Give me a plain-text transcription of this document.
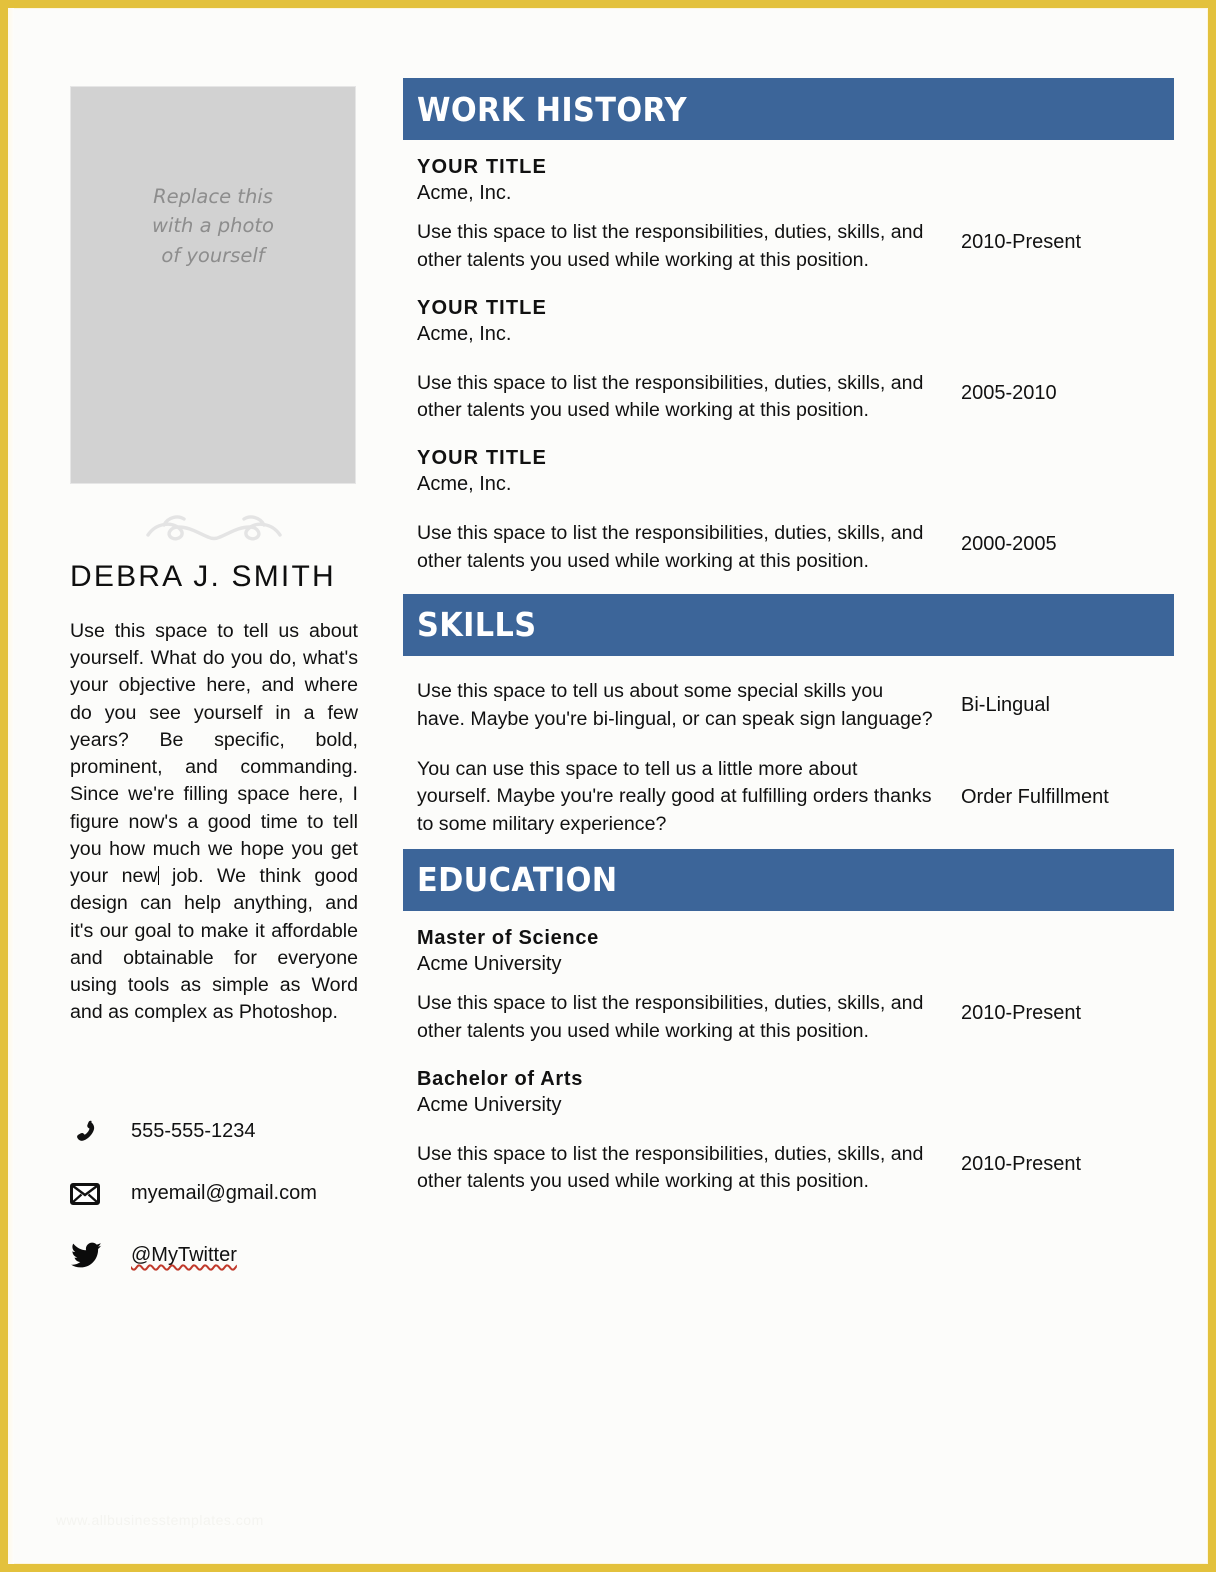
Replace this
with a photo
of yourself
DEBRA J. SMITH
Use this space to tell us about yourself. What do you do, what's your objective here, and where do you see yourself in a few years? Be specific, bold, prominent, and commanding. Since we're filling space here, I figure now's a good time to tell you how much we hope you get your new job. We think good design can help anything, and it's our goal to make it affordable and obtainable for everyone using tools as simple as Word and as complex as Photoshop.
555-555-1234
myemail@gmail.com
@MyTwitter
WORK HISTORY
YOUR TITLE
Acme, Inc.
Use this space to list the responsibilities, duties, skills, and other talents you used while working at this position.
2010-Present
YOUR TITLE
Acme, Inc.
Use this space to list the responsibilities, duties, skills, and other talents you used while working at this position.
2005-2010
YOUR TITLE
Acme, Inc.
Use this space to list the responsibilities, duties, skills, and other talents you used while working at this position.
2000-2005
SKILLS
Use this space to tell us about some special skills you have. Maybe you're bi-lingual, or can speak sign language?
Bi-Lingual
You can use this space to tell us a little more about yourself. Maybe you're really good at fulfilling orders thanks to some military experience?
Order Fulfillment
EDUCATION
Master of Science
Acme University
Use this space to list the responsibilities, duties, skills, and other talents you used while working at this position.
2010-Present
Bachelor of Arts
Acme University
Use this space to list the responsibilities, duties, skills, and other talents you used while working at this position.
2010-Present
www.allbusinesstemplates.com
